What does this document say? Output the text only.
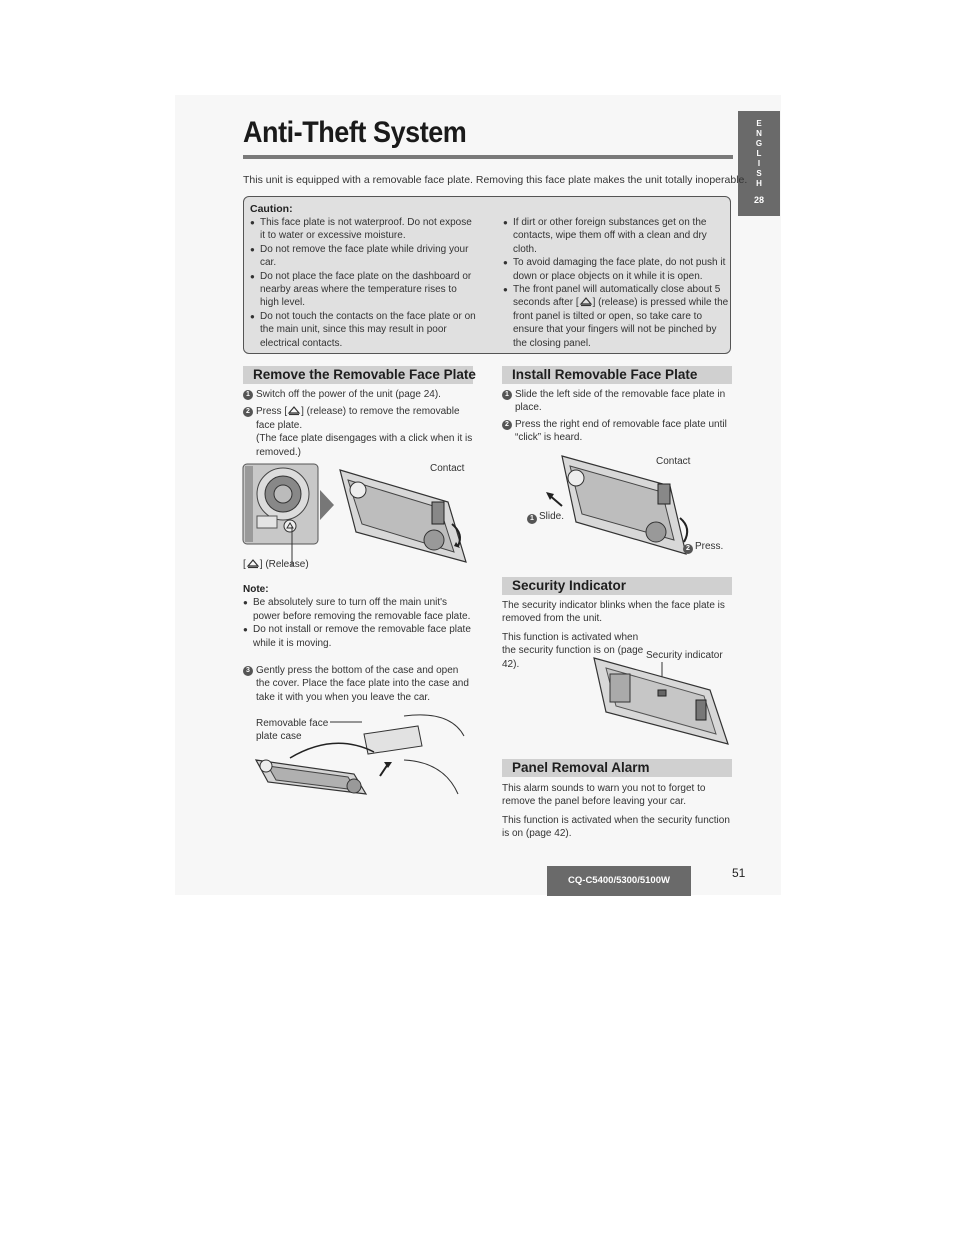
E
N
G
L
I
S
H
28
Anti-Theft System
This unit is equipped with a removable face plate. Removing this face plate makes the unit totally inoperable.
Caution:
● This face plate is not waterproof. Do not expose it to water or excessive moisture.
● Do not remove the face plate while driving your car.
● Do not place the face plate on the dashboard or nearby areas where the temperature rises to high level.
● Do not touch the contacts on the face plate or on the main unit, since this may result in poor electrical contacts.
● If dirt or other foreign substances get on the contacts, wipe them off with a clean and dry cloth.
● To avoid damaging the face plate, do not push it down or place objects on it while it is open.
● The front panel will automatically close about 5 seconds after [ ] (release) is pressed while the front panel is tilted or open, so take care to ensure that your fingers will not be pinched by the closing panel.
Remove the Removable Face Plate
1 Switch off the power of the unit (page 24).
2 Press [ ] (release) to remove the removable face plate.
(The face plate disengages with a click when it is removed.)
[ ] (Release)
Contact
Note:
● Be absolutely sure to turn off the main unit's power before removing the removable face plate.
● Do not install or remove the removable face plate while it is moving.
3 Gently press the bottom of the case and open the cover. Place the face plate into the case and take it with you when you leave the car.
Removable face plate case
Install Removable Face Plate
1 Slide the left side of the removable face plate in place.
2 Press the right end of removable face plate until “click” is heard.
Contact
1 Slide.
2 Press.
Security Indicator
The security indicator blinks when the face plate is removed from the unit.
This function is activated when the security function is on (page 42).
Security indicator
Panel Removal Alarm
This alarm sounds to warn you not to forget to remove the panel before leaving your car.
This function is activated when the security function is on (page 42).
CQ-C5400/5300/5100W
51
